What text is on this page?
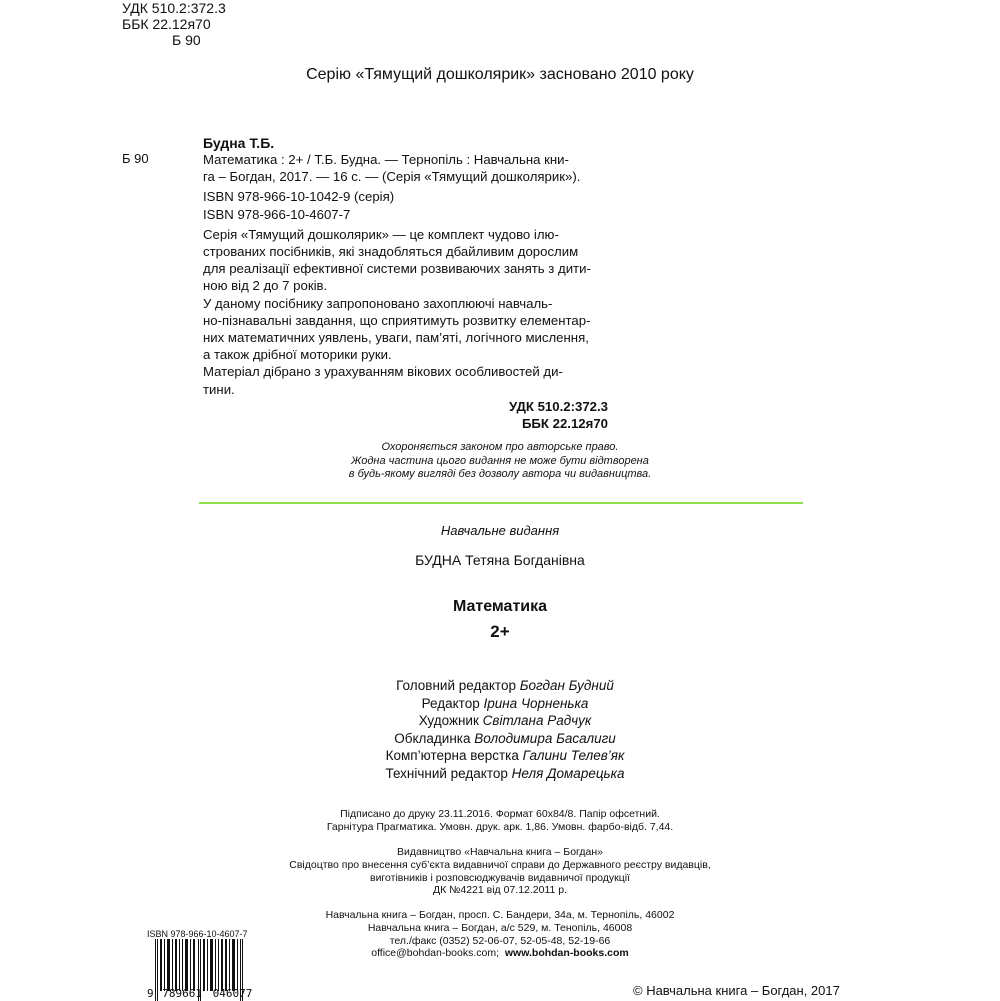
УДК 510.2:372.3
ББК 22.12я70
Б 90
Серію «Тямущий дошколярик» засновано 2010 року
Будна Т.Б.
Б 90	Математика : 2+ / Т.Б. Будна. — Тернопіль : Навчальна кни-

га – Богдан, 2017. — 16 с. — (Серія «Тямущий дошколярик»).

ISBN 978-966-10-1042-9 (серія)

ISBN 978-966-10-4607-7

Серія «Тямущий дошколярик» — це комплект чудово ілю-

строваних посібників, які знадобляться дбайливим дорослим

для реалізації ефективної системи розвиваючих занять з дити-

ною від 2 до 7 років.

У даному посібнику запропоновано захоплюючі навчаль-

но-пізнавальні завдання, що сприятимуть розвитку елементар-

них математичних уявлень, уваги, пам’яті, логічного мислення,

а також дрібної моторики руки.

Матеріал дібрано з урахуванням вікових особливостей ди-

тини.

УДК 510.2:372.3

ББК 22.12я70

Охороняється законом про авторське право.
Жодна частина цього видання не може бути відтворена
в будь-якому вигляді без дозволу автора чи видавництва.
Навчальне видання
БУДНА Тетяна Богданівна
Математика
2+
Головний редактор Богдан Будний
Редактор Ірина Чорненька
Художник Світлана Радчук
Обкладинка Володимира Басалиги
Комп’ютерна верстка Галини Телев’як
Технічний редактор Неля Домарецька
Підписано до друку 23.11.2016. Формат 60х84/8. Папір офсетний.
Гарнітура Прагматика. Умовн. друк. арк. 1,86. Умовн. фарбо-відб. 7,44.
Видавництво «Навчальна книга – Богдан»
Свідоцтво про внесення суб’єкта видавничої справи до Державного реєстру видавців,
виготівників і розповсюджувачів видавничої продукції
ДК №4221 від 07.12.2011 р.
Навчальна книга – Богдан, просп. С. Бандери, 34а, м. Тернопіль, 46002
Навчальна книга – Богдан, а/с 529, м. Тенопіль, 46008
тел./факс (0352) 52-06-07, 52-05-48, 52-19-66
office@bohdan-books.com; www.bohdan-books.com
ISBN 978-966-10-4607-7
9 789661 046077	© Навчальна книга – Богдан, 2017
